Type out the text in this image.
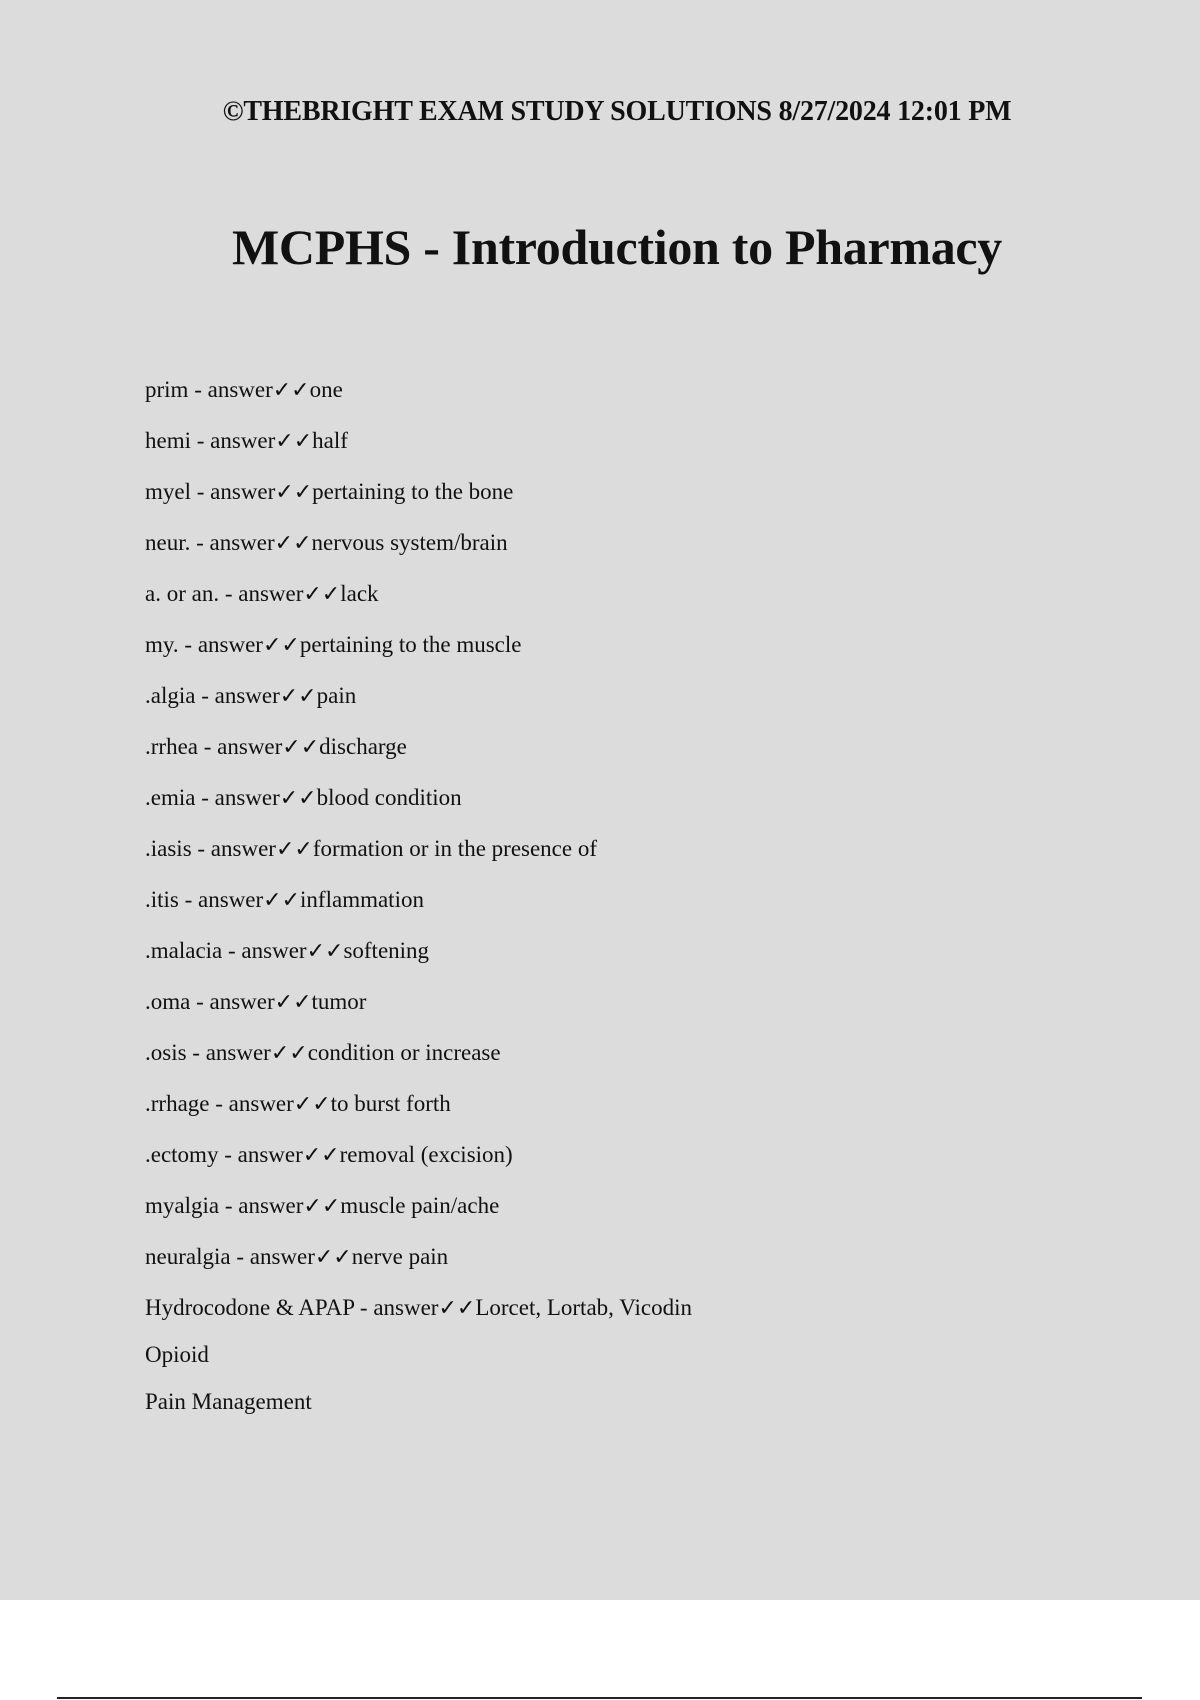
©THEBRIGHT EXAM STUDY SOLUTIONS 8/27/2024 12:01 PM
MCPHS - Introduction to Pharmacy
prim - answer✓✓one
hemi - answer✓✓half
myel - answer✓✓pertaining to the bone
neur. - answer✓✓nervous system/brain
a. or an. - answer✓✓lack
my. - answer✓✓pertaining to the muscle
.algia - answer✓✓pain
.rrhea - answer✓✓discharge
.emia - answer✓✓blood condition
.iasis - answer✓✓formation or in the presence of
.itis - answer✓✓inflammation
.malacia - answer✓✓softening
.oma - answer✓✓tumor
.osis - answer✓✓condition or increase
.rrhage - answer✓✓to burst forth
.ectomy - answer✓✓removal (excision)
myalgia - answer✓✓muscle pain/ache
neuralgia - answer✓✓nerve pain
Hydrocodone & APAP - answer✓✓Lorcet, Lortab, Vicodin
Opioid
Pain Management
